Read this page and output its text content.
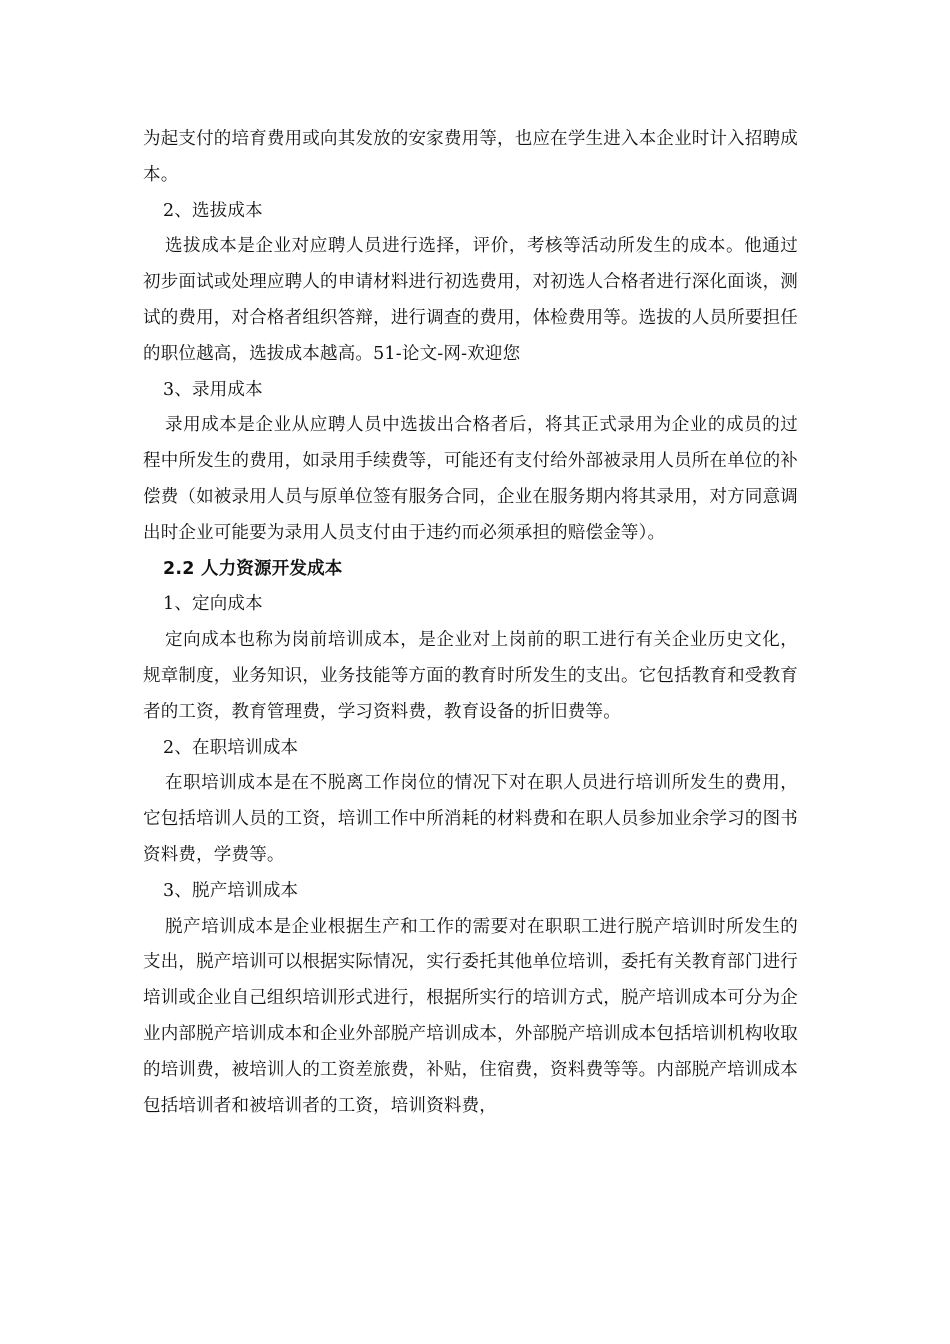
为起支付的培育费用或向其发放的安家费用等，也应在学生进入本企业时计入招聘成本。

2、选拔成本

选拔成本是企业对应聘人员进行选择，评价，考核等活动所发生的成本。他通过初步面试或处理应聘人的申请材料进行初选费用，对初选人合格者进行深化面谈，测试的费用，对合格者组织答辩，进行调查的费用，体检费用等。选拔的人员所要担任的职位越高，选拔成本越高。51-论文-网-欢迎您

3、录用成本

录用成本是企业从应聘人员中选拔出合格者后，将其正式录用为企业的成员的过程中所发生的费用，如录用手续费等，可能还有支付给外部被录用人员所在单位的补偿费（如被录用人员与原单位签有服务合同，企业在服务期内将其录用，对方同意调出时企业可能要为录用人员支付由于违约而必须承担的赔偿金等）。

2.2 人力资源开发成本

1、定向成本

定向成本也称为岗前培训成本，是企业对上岗前的职工进行有关企业历史文化，规章制度，业务知识，业务技能等方面的教育时所发生的支出。它包括教育和受教育者的工资，教育管理费，学习资料费，教育设备的折旧费等。

2、在职培训成本

在职培训成本是在不脱离工作岗位的情况下对在职人员进行培训所发生的费用，它包括培训人员的工资，培训工作中所消耗的材料费和在职人员参加业余学习的图书资料费，学费等。

3、脱产培训成本

脱产培训成本是企业根据生产和工作的需要对在职职工进行脱产培训时所发生的支出，脱产培训可以根据实际情况，实行委托其他单位培训，委托有关教育部门进行培训或企业自己组织培训形式进行，根据所实行的培训方式，脱产培训成本可分为企业内部脱产培训成本和企业外部脱产培训成本，外部脱产培训成本包括培训机构收取的培训费，被培训人的工资差旅费，补贴，住宿费，资料费等等。内部脱产培训成本包括培训者和被培训者的工资，培训资料费，
